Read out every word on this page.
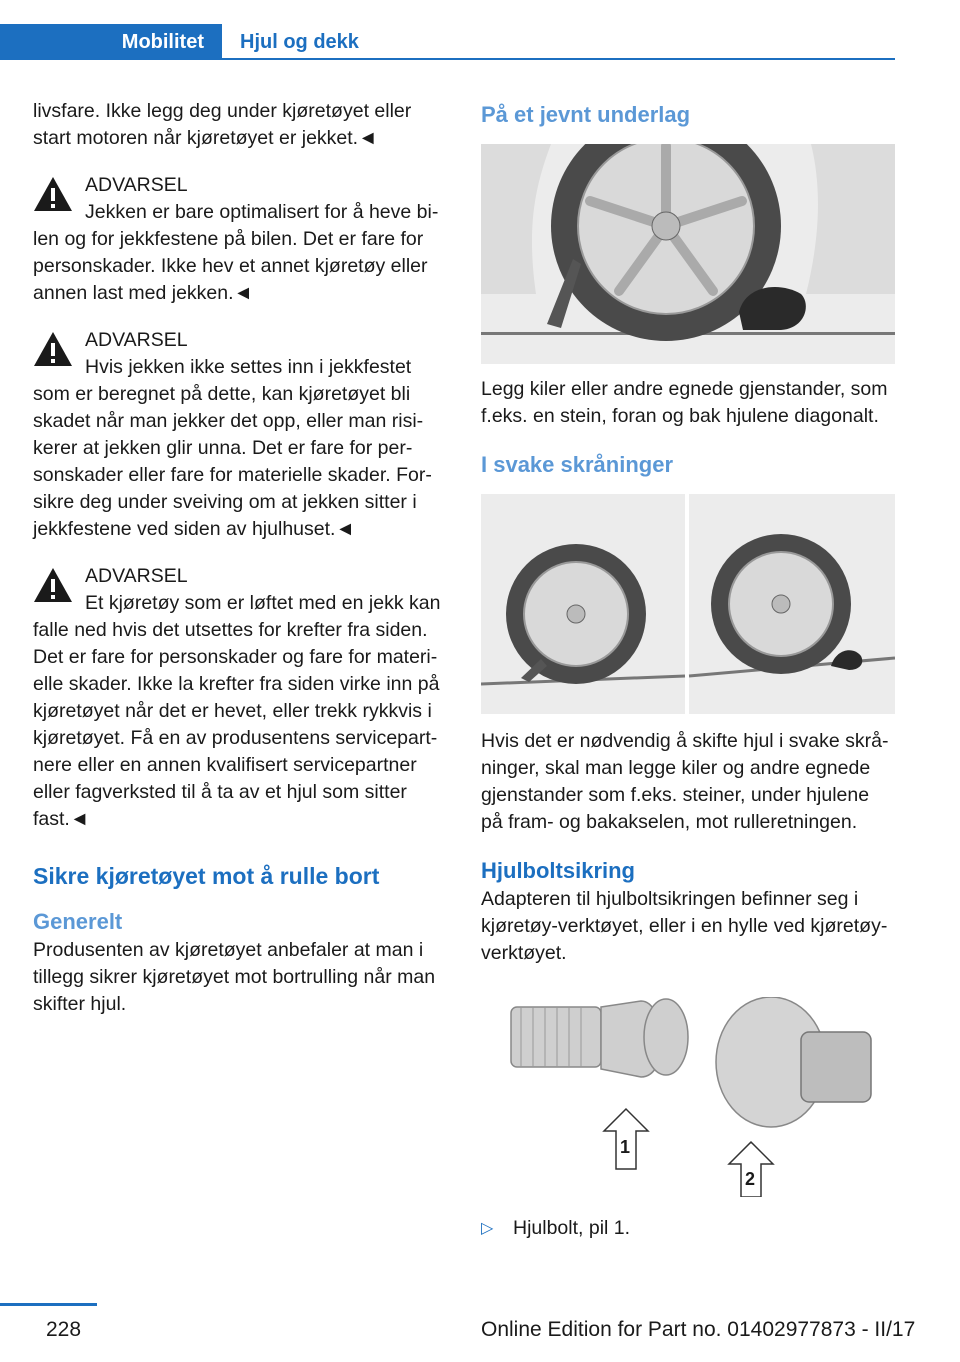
Mobilitet Hjul og dekk

livsfare. Ikke legg deg under kjøretøyet eller start motoren når kjøretøyet er jekket.◄

ADVARSEL

Jekken er bare optimalisert for å heve bi-
len og for jekkfestene på bilen. Det er fare for personskader. Ikke hev et annet kjøretøy eller annen last med jekken.◄

ADVARSEL

Hvis jekken ikke settes inn i jekkfestet
som er beregnet på dette, kan kjøretøyet bli skadet når man jekker det opp, eller man risi- kerer at jekken glir unna. Det er fare for per- sonskader eller fare for materielle skader. For- sikre deg under sveiving om at jekken sitter i jekkfestene ved siden av hjulhuset.◄

ADVARSEL

Et kjøretøy som er løftet med en jekk kan
falle ned hvis det utsettes for krefter fra siden. Det er fare for personskader og fare for materi- elle skader. Ikke la krefter fra siden virke inn på kjøretøyet når det er hevet, eller trekk rykkvis i kjøretøyet. Få en av produsentens servicepart- nere eller en annen kvalifisert servicepartner eller fagverksted til å ta av et hjul som sitter fast.◄

Sikre kjøretøyet mot å rulle bort
Generelt

Produsenten av kjøretøyet anbefaler at man i tillegg sikrer kjøretøyet mot bortrulling når man skifter hjul.

På et jevnt underlag

Legg kiler eller andre egnede gjenstander, som f.eks. en stein, foran og bak hjulene diagonalt.

I svake skråninger

Hvis det er nødvendig å skifte hjul i svake skrå- ninger, skal man legge kiler og andre egnede gjenstander som f.eks. steiner, under hjulene på fram- og bakakselen, mot rulleretningen.

Hjulboltsikring

Adapteren til hjulboltsikringen befinner seg i kjøretøy-verktøyet, eller i en hylle ved kjøretøy- verktøyet.

1
2
▷	Hjulbolt, pil 1.
228	Online Edition for Part no. 01402977873 - II/17
